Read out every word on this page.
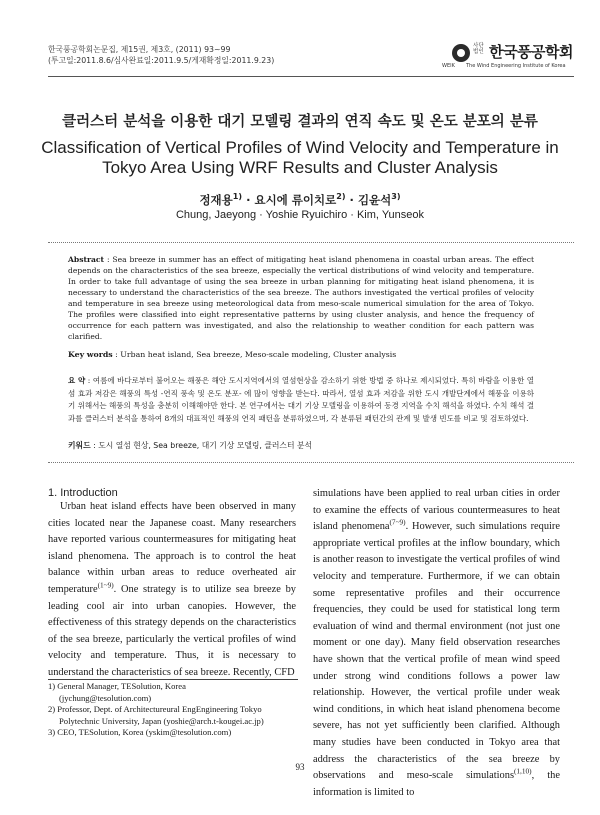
한국풍공학회논문집, 제15권, 제3호, (2011) 93~99
(투고일:2011.8.6/심사완료일:2011.9.5/게재확정일:2011.9.23)
사단 법인 한국풍공학회
WEIK The Wind Engineering Institute of Korea
클러스터 분석을 이용한 대기 모델링 결과의 연직 속도 및 온도 분포의 분류
Classification of Vertical Profiles of Wind Velocity and Temperature in
Tokyo Area Using WRF Results and Cluster Analysis
정재용$^{1)}$ · 요시에 류이치로$^{2)}$ · 김윤석$^{3)}$
Chung, Jaeyong · Yoshie Ryuichiro · Kim, Yunseok
Abstract : Sea breeze in summer has an effect of mitigating heat island phenomena in coastal urban areas. The effect depends on the characteristics of the sea breeze, especially the vertical distributions of wind velocity and temperature. In order to take full advantage of using the sea breeze in urban planning for mitigating heat island phenomena, it is necessary to understand the characteristics of the sea breeze. The authors investigated the vertical profiles of velocity and temperature in sea breeze using meteorological data from meso-scale numerical simulation for the area of Tokyo. The profiles were classified into eight representative patterns by using cluster analysis, and hence the frequency of occurrence for each pattern was investigated, and also the relationship to weather condition for each pattern was clarified.
Key words : Urban heat island, Sea breeze, Meso-scale modeling, Cluster analysis
요 약 : 여름에 바다로부터 불어오는 해풍은 해안 도시지역에서의 열섬현상을 감소하기 위한 방법 중 하나로 제시되었다. 특히 바람을 이용한 열섬 효과 저감은 해풍의 특성 -연직 풍속 및 온도 분포- 에 많이 영향을 받는다. 따라서, 열섬 효과 저감을 위한 도시 개발단계에서 해풍을 이용하기 위해서는 해풍의 특성을 충분히 이해해야만 한다. 본 연구에서는 대기 기상 모델링을 이용하여 동경 지역을 수치 해석을 하였다. 수치 해석 결과를 클러스터 분석을 통하여 8개의 대표적인 해풍의 연직 패턴을 분류하였으며, 각 분류된 패턴간의 관계 및 발생 빈도를 비교 및 검토하였다.
키워드 : 도시 열섬 현상, Sea breeze, 대기 기상 모델링, 클러스터 분석
1. Introduction

Urban heat island effects have been observed in many cities located near the Japanese coast. Many researchers have reported various countermeasures for mitigating heat island phenomena. The approach is to control the heat balance within urban areas to reduce overheated air temperature$^{(1\sim 9)}$. One strategy is to utilize sea breeze by leading cool air into urban canopies. However, the effectiveness of this strategy depends on the characteristics of the sea breeze, particularly the vertical profiles of wind velocity and temperature. Thus, it is necessary to understand the characteristics of sea breeze. Recently, CFD

simulations have been applied to real urban cities in order to examine the effects of various countermeasures to heat island phenomena$^{(7\sim 9)}$. However, such simulations require appropriate vertical profiles at the inflow boundary, which is another reason to investigate the vertical profiles of wind velocity and temperature. Furthermore, if we can obtain some representative profiles and their occurrence frequencies, they could be used for statistical long term evaluation of wind and thermal environment (not just one moment or one day). Many field observation researches have shown that the vertical profile of mean wind speed under strong wind conditions follows a power law relationship. However, the vertical profile under weak wind conditions, in which heat island phenomena become severe, has not yet sufficiently been clarified. Although many studies have been conducted in Tokyo area that address the characteristics of the sea breeze by observations and meso-scale simulations$^{(1,10)}$, the information is limited to

1) General Manager, TESolution, Korea
(jychung@tesolution.com)
2) Professor, Dept. of Architectureural EngEngineering Tokyo
Polytechnic University, Japan (yoshie@arch.t-kougei.ac.jp)
3) CEO, TESolution, Korea (yskim@tesolution.com)
93
